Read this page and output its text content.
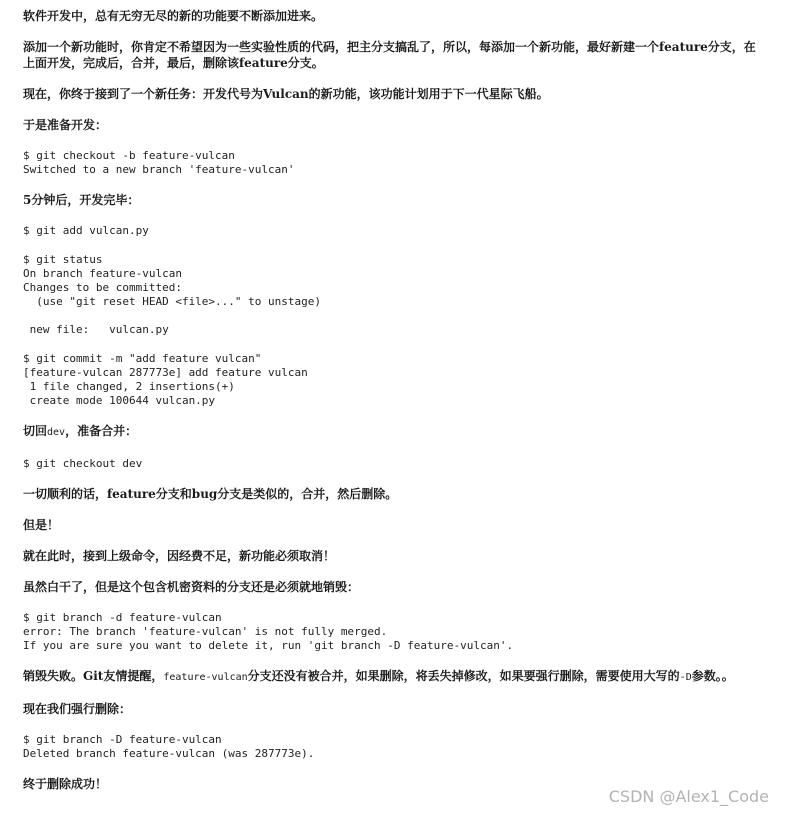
软件开发中，总有无穷无尽的新的功能要不断添加进来。

添加一个新功能时，你肯定不希望因为一些实验性质的代码，把主分支搞乱了，所以，每添加一个新功能，最好新建一个feature分支，在上面开发，完成后，合并，最后，删除该feature分支。

现在，你终于接到了一个新任务：开发代号为Vulcan的新功能，该功能计划用于下一代星际飞船。

于是准备开发：

$ git checkout -b feature-vulcan
Switched to a new branch 'feature-vulcan'

5分钟后，开发完毕：

$ git add vulcan.py
$ git status
On branch feature-vulcan
Changes to be committed:
(use "git reset HEAD <file>..." to unstage)

new file:   vulcan.py
$ git commit -m "add feature vulcan"
[feature-vulcan 287773e] add feature vulcan
1 file changed, 2 insertions(+)
create mode 100644 vulcan.py

切回dev，准备合并：

$ git checkout dev

一切顺利的话，feature分支和bug分支是类似的，合并，然后删除。

但是！

就在此时，接到上级命令，因经费不足，新功能必须取消！

虽然白干了，但是这个包含机密资料的分支还是必须就地销毁：

$ git branch -d feature-vulcan
error: The branch 'feature-vulcan' is not fully merged.
If you are sure you want to delete it, run 'git branch -D feature-vulcan'.

销毁失败。Git友情提醒，feature-vulcan分支还没有被合并，如果删除，将丢失掉修改，如果要强行删除，需要使用大写的-D参数。。

现在我们强行删除：

$ git branch -D feature-vulcan
Deleted branch feature-vulcan (was 287773e).

终于删除成功！

CSDN @Alex1_Code
